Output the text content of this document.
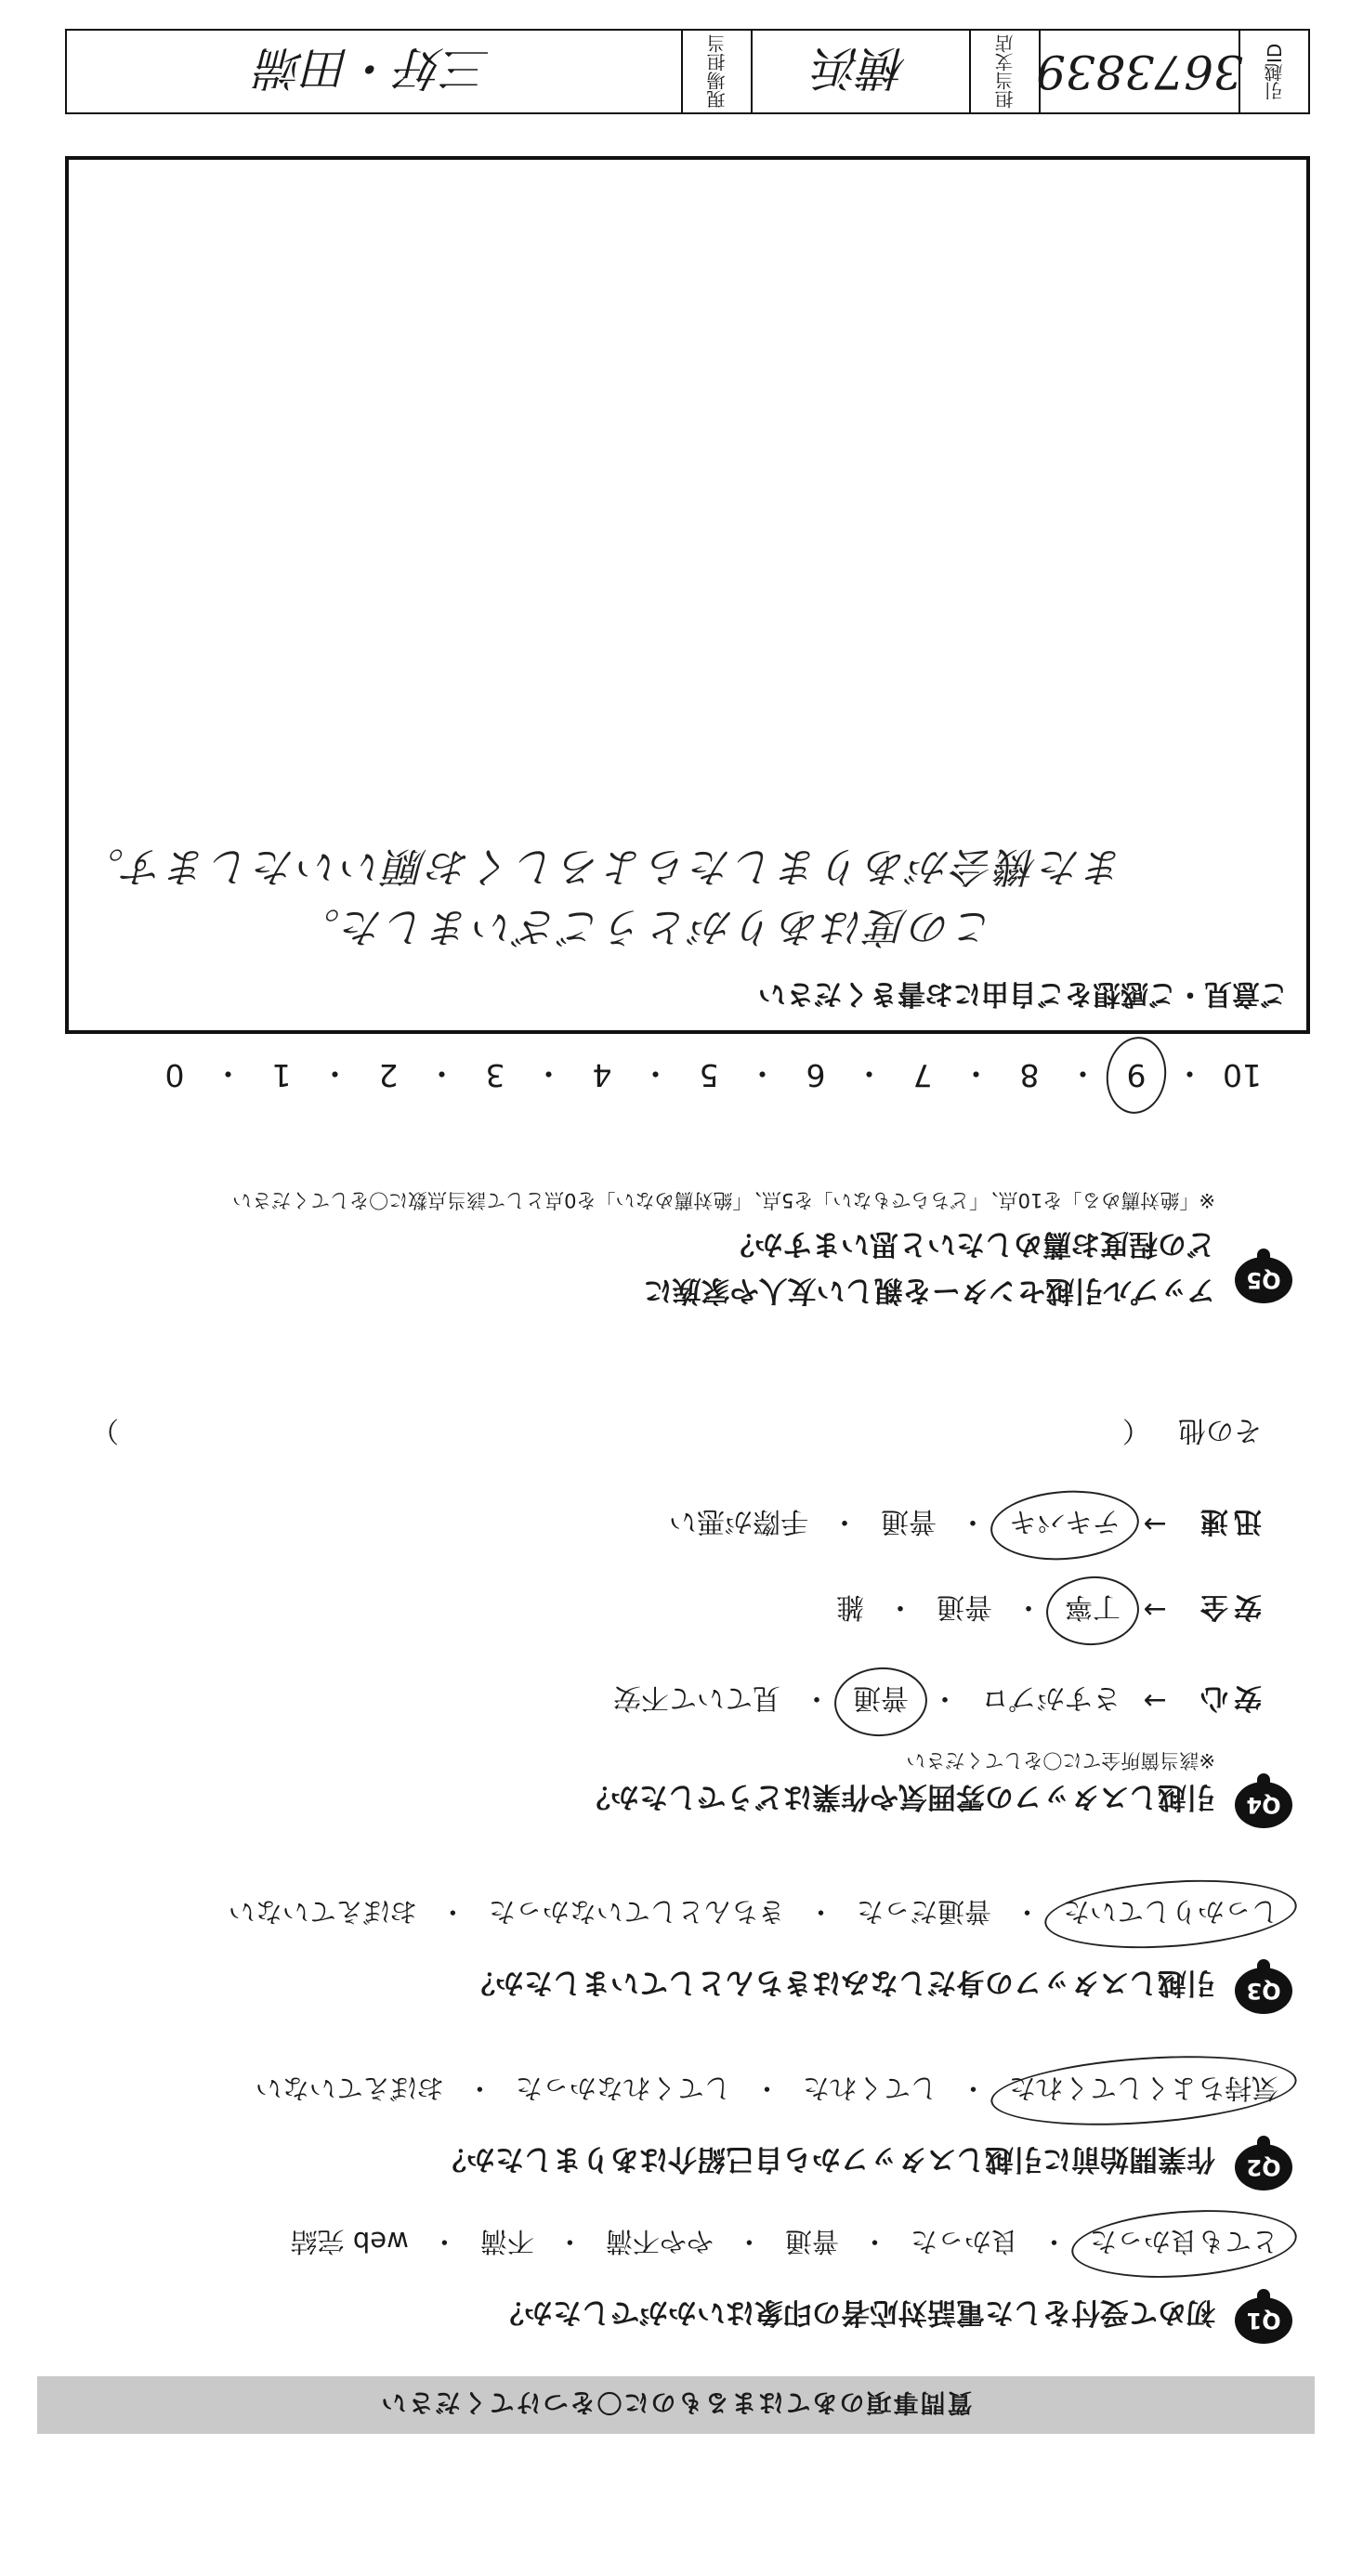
質問事項のあてはまるものに〇をつけてください
Q1
初めて受付をした電話対応者の印象はいかがでしたか？
とても良かった
・
良かった
・
普通
・
やや不満
・
不満
・
web 完結
Q2
作業開始前に引越しスタッフから自己紹介はありましたか？
気持ちよくしてくれた
・
してくれた
・
してくれなかった
・
おぼえていない
Q3
引越しスタッフの身だしなみはきちんとしていましたか？
しっかりしていた
・
普通だった
・
きちんとしていなかった
・
おぼえていない
Q4
引越しスタッフの雰囲気や作業はどうでしたか？
※該当箇所全てに〇をしてください
安心
→
さすがプロ
・
普通
・
見ていて不安
安全
→
丁寧
・
普通
・
雑
迅速
→
テキパキ
・
普通
・
手際が悪い
その他
（
）
Q5
アップル引越センターを親しい友人や家族に
どの程度お薦めしたいと思いますか？
※「絶対薦める」を10点、「どちらでもない」を5点、「絶対薦めない」を0点として該当点数に〇をしてください
10
・
9
・
8
・
7
・
6
・
5
・
4
・
3
・
2
・
1
・
0
ご意見・ご感想をご自由にお書きください
この度はありがとうございました。
また機会がありましたらよろしくお願いいたします。
引越ID
3673839
担当支店
横浜
現場担当
三好・田端
